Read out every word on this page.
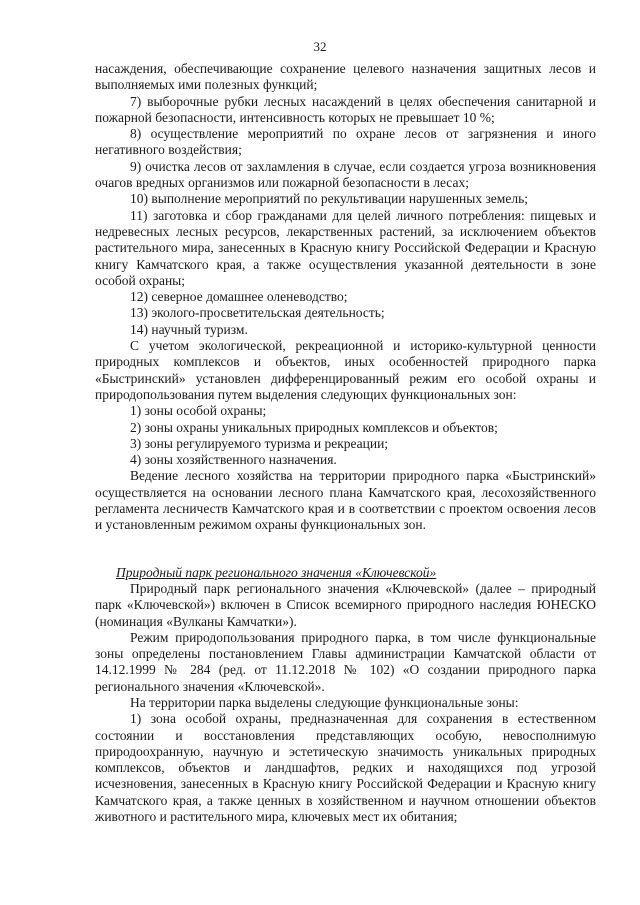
32

насаждения, обеспечивающие сохранение целевого назначения защитных лесов и выполняемых ими полезных функций;

7) выборочные рубки лесных насаждений в целях обеспечения санитарной и пожарной безопасности, интенсивность которых не превышает 10 %;

8) осуществление мероприятий по охране лесов от загрязнения и иного негативного воздействия;

9) очистка лесов от захламления в случае, если создается угроза возникновения очагов вредных организмов или пожарной безопасности в лесах;

10) выполнение мероприятий по рекультивации нарушенных земель;

11) заготовка и сбор гражданами для целей личного потребления: пищевых и недревесных лесных ресурсов, лекарственных растений, за исключением объектов растительного мира, занесенных в Красную книгу Российской Федерации и Красную книгу Камчатского края, а также осуществления указанной деятельности в зоне особой охраны;

12) северное домашнее оленеводство;

13) эколого-просветительская деятельность;

14) научный туризм.

С учетом экологической, рекреационной и историко-культурной ценности природных комплексов и объектов, иных особенностей природного парка «Быстринский» установлен дифференцированный режим его особой охраны и природопользования путем выделения следующих функциональных зон:

1) зоны особой охраны;

2) зоны охраны уникальных природных комплексов и объектов;

3) зоны регулируемого туризма и рекреации;

4) зоны хозяйственного назначения.

Ведение лесного хозяйства на территории природного парка «Быстринский» осуществляется на основании лесного плана Камчатского края, лесохозяйственного регламента лесничеств Камчатского края и в соответствии с проектом освоения лесов и установленным режимом охраны функциональных зон.

Природный парк регионального значения «Ключевской»

Природный парк регионального значения «Ключевской» (далее – природный парк «Ключевской») включен в Список всемирного природного наследия ЮНЕСКО (номинация «Вулканы Камчатки»).

Режим природопользования природного парка, в том числе функциональные зоны определены постановлением Главы администрации Камчатской области от 14.12.1999 № 284 (ред. от 11.12.2018 № 102) «О создании природного парка регионального значения «Ключевской».

На территории парка выделены следующие функциональные зоны:

1) зона особой охраны, предназначенная для сохранения в естественном состоянии и восстановления представляющих особую, невосполнимую природоохранную, научную и эстетическую значимость уникальных природных комплексов, объектов и ландшафтов, редких и находящихся под угрозой исчезновения, занесенных в Красную книгу Российской Федерации и Красную книгу Камчатского края, а также ценных в хозяйственном и научном отношении объектов животного и растительного мира, ключевых мест их обитания;
